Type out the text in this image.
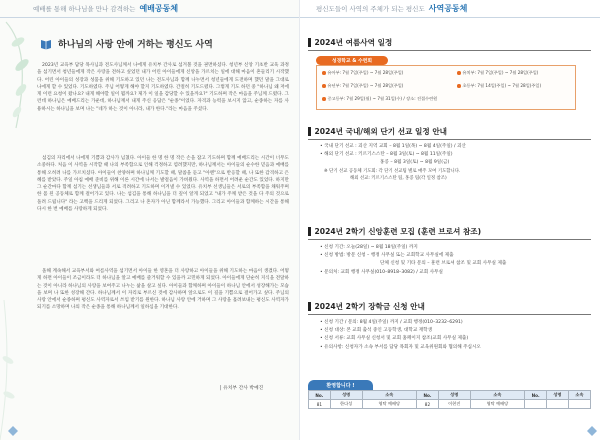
예배를 통해 하나님을 만나 감격하는 예배공동체
하나님의 사랑 안에 거하는 평신도 사역

2023년 교육부 담당 목사님과 전도사님께서 나에게 유치부 간사로 섬겨볼 것을 권면하셨다. 청년부 신앙 기초반 교육 과정을 섬기면서 청년들에게 작은 사랑을 전하고 싶었던 내가 어린 아이들에게 신앙을 가르치는 일에 대해 마음이 흔들리기 시작했다. 어린 아이들의 성장과 성품을 위해 기도하고 있던 나는 전도사님과 함께 나누면서 청년들에게 도전하며 했던 말을 그대로 나에게 할 수 있었다. 기도하였다. 주님 어떻게 해야 할지 기도하였다. 간절히 기도드렸다. 그렇게 기도 하던 중 "하나님 왜 저에게 이런 요청이 왔나요? 내게 해야할 일이 뭘까요? 제가 이 일을 감당할 수 있을까요?" 기도하며 작은 마음을 주님께 드렸다. 그런데 하나님은 예배드리는 가운데, 하나님께서 내게 주신 응답은 "순종"이었다. 자격과 능력을 보시지 않고, 순종하는 자를 사용하시는 하나님을 보며 나는 "네가 하는 것이 아니라, 내가 한다."라는 마음을 주셨다.

섬김의 자리에서 나에게 기쁨과 감사가 넘쳤다. 아이들 한 명 한 명 작은 손을 잡고 기도하며 함께 예배드리는 시간이 너무도 소중하다. 처음 이 사역을 시작할 때 나의 부족함으로 인해 걱정하고 염려했지만, 하나님께서는 아이들의 순수한 믿음과 예배를 통해 오히려 나를 가르치셨다. 아이들이 찬양하며 하나님께 기도할 때, 말씀을 듣고 "아멘"으로 반응할 때, 나 또한 감격하고 은혜를 받았다. 주일 아침 예배 준비를 위해 이른 시간에 나서는 발걸음이 가벼웠다. 사역을 하면서 어려운 순간도 있었다. 하지만 그 순간마다 함께 섬기는 선생님들과 서로 격려하고 기도하며 이겨낼 수 있었다. 유치부 선생님들은 서로의 부족함을 채워주며 한 몸 된 공동체로 함께 걸어가고 있다. 나는 섬김을 통해 하나님을 더 깊이 알게 되었고 "내가 주께 받은 것을 다 주의 것으로 돌려 드립니다" 라는 고백을 드리게 되었다. 그리고 나 혼자가 아닌 함께라서 가능했다. 그리고 아이들과 함께하는 시간을 통해 다시 한 번 예배를 사랑하게 되었다.

올해 계속해서 교육부서와 여름사역을 섬기면서 아이들 한 영혼을 더 사랑하고 아이들을 위해 기도하는 마음이 생겼다. 어떻게 하면 아이들이 조금이라도 더 하나님을 알고 예배를 즐거워할 수 있을까 고민하게 되었다. 아이들에게 단순히 지식을 전달하는 것이 아니라 하나님의 사랑을 보여주고 나누는 삶을 살고 싶다. 아이들과 함께하며 아이들이 하나님 안에서 성장해가는 모습을 보며 나 또한 성장해 간다. 하나님께서 이 자리로 부르신 것에 감사하며 앞으로도 이 길을 기쁨으로 걸어가고 싶다. 주님의 사랑 안에서 순종하며 평신도 사역자로서 쓰임 받기를 원한다. 하나님 사랑 안에 거하며 그 사랑을 흘려보내는 평신도 사역자가 되기를 소망하며 나의 작은 순종을 통해 하나님께서 일하심을 기대한다.

| 유치부 간사 박예진
평신도들이 사역의 주체가 되는 평신도 사역공동체
2024년 여름사역 일정
성경학교 & 수련회
유아부: 7월 7일(주일) ~ 7월 28일(주일)	유치부: 7월 7일(주일) ~ 7월 28일(주일)
유년부: 7월 7일(주일) ~ 7월 28일(주일)	초등부: 7월 14일(주일) ~ 7월 28일(주일)
중고등부: 7월 29일(월) ~ 7월 31일(수) / 장소: 진접수련원
2024년 국내/해외 단기 선교 일정 안내
• 국내 단기 선교 : 괴산 지역 교회 – 8월 1일(목) ~ 8월 4일(주일) / 괴산
• 해외 단기 선교 : 키르기스스탄 – 8월 3일(토) ~ 8월 11일(주일)
홍콩 – 8월 3일(토) ~ 8월 9일(금)
※ 단기 선교 공동체 기도회: 각 단기 선교팀 별로 매주 모여 기도합니다.
해외 선교: 키르기스스탄 팀, 홍콩 팀(각 일정 참조)
2024년 2학기 신앙훈련 모집 (훈련 브로셔 참조)
• 신청 기간: 오늘(28일) ~ 8월 18일(주일) 까지
• 신청 방법: 방문 신청 – 행정 사무실 또는 교회학교 사무실에 제출
단체 신청 및 기타 문의 – 훈련 브로셔 참조 및 교회 사무실 제출
• 문의처: 교회 행정 사무실(010–8918–3082) / 교회 사무실
2024년 2학기 장학금 신청 안내
• 신청 기간 / 문의: 8월 4일(주일) 까지 / 교회 행정(010–3232–6291)
• 신청 대상: 본 교회 출석 중인 고등학생, 대학교 재학생
• 신청 서류: 교회 사무실 신청서 및 교회 홈페이지 참조(교회 사무실 제출)
• 유의사항: 신청자가 소속 부서를 담당 목회자 및 교육위원회와 협의해 주십시오
환영합니다 !
No.	성명	소속	No.	성명	소속	No.	성명	소속
81	한다성	영탁 예배당	82	이현진	영탁 예배당			
